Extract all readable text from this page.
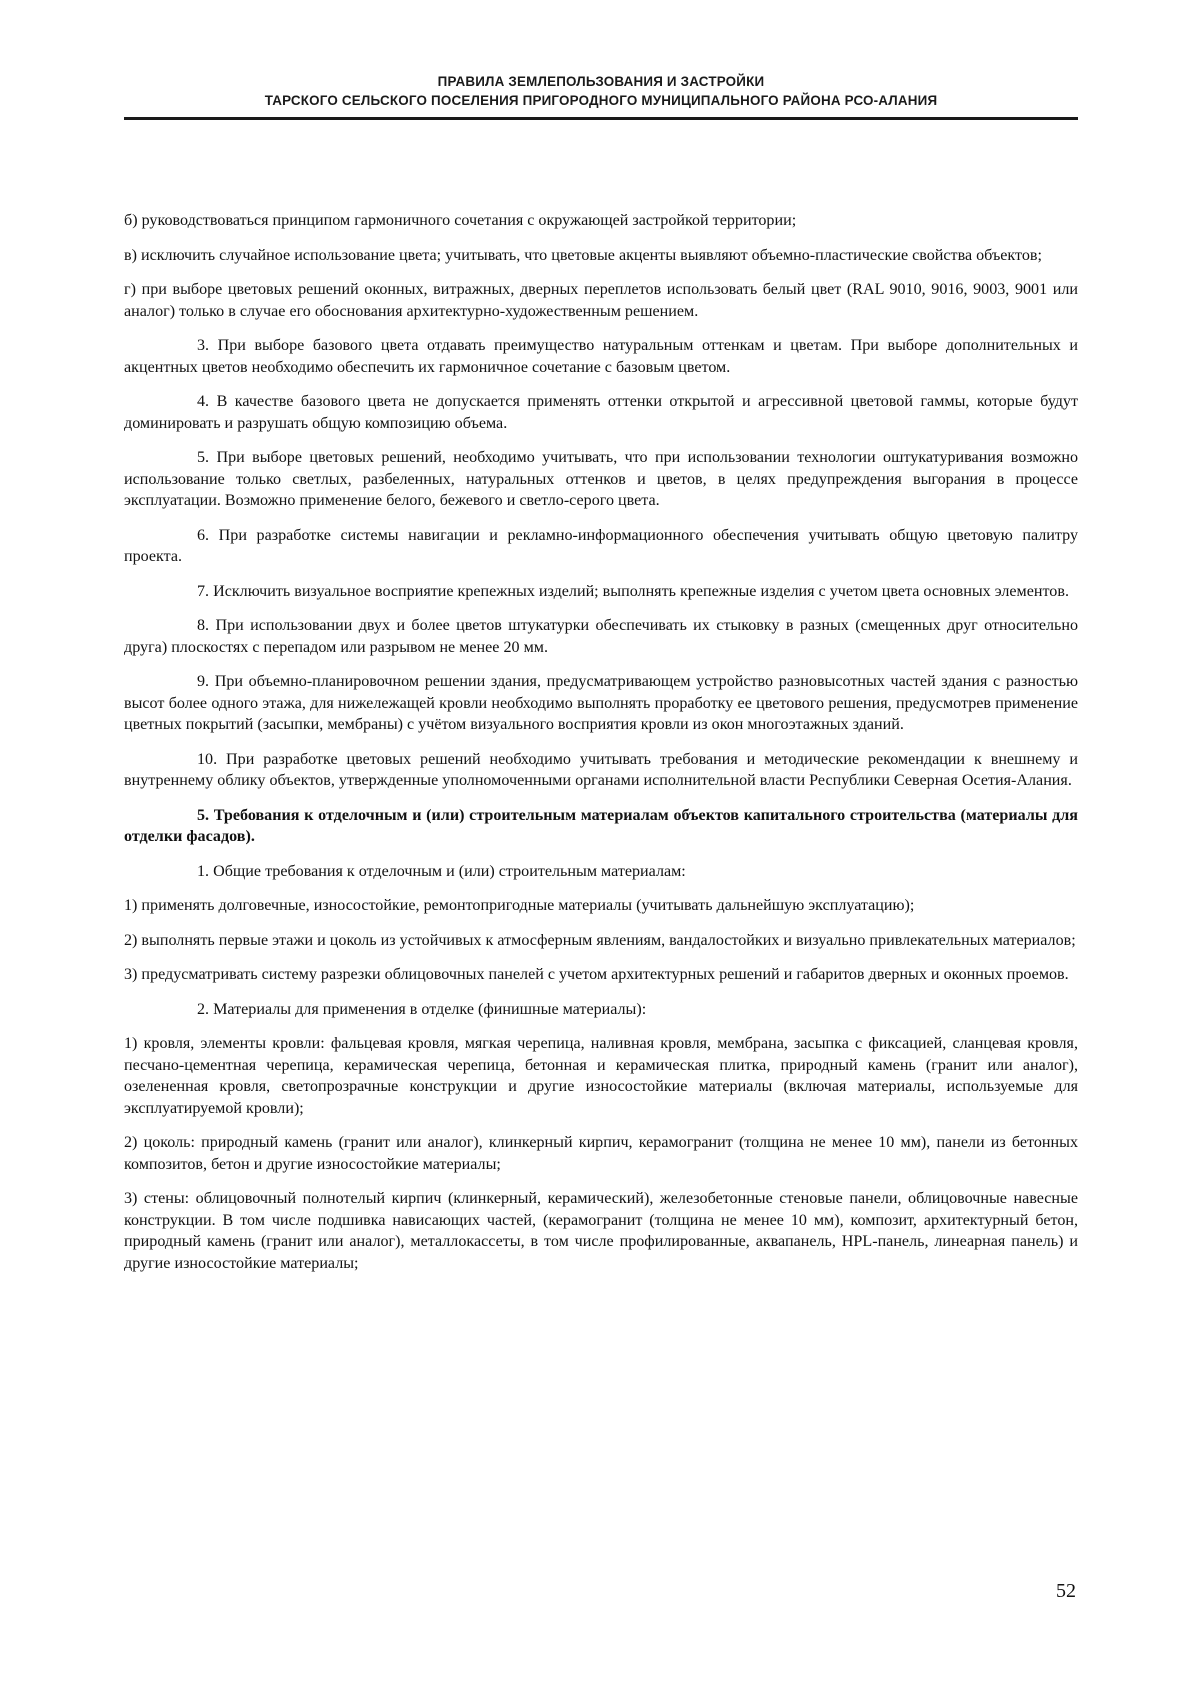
ПРАВИЛА ЗЕМЛЕПОЛЬЗОВАНИЯ И ЗАСТРОЙКИ
ТАРСКОГО СЕЛЬСКОГО ПОСЕЛЕНИЯ ПРИГОРОДНОГО МУНИЦИПАЛЬНОГО РАЙОНА РСО-АЛАНИЯ

б) руководствоваться принципом гармоничного сочетания с окружающей застройкой территории;

в) исключить случайное использование цвета; учитывать, что цветовые акценты выявляют объемно-пластические свойства объектов;

г) при выборе цветовых решений оконных, витражных, дверных переплетов использовать белый цвет (RAL 9010, 9016, 9003, 9001 или аналог) только в случае его обоснования архитектурно-художественным решением.

3. При выборе базового цвета отдавать преимущество натуральным оттенкам и цветам. При выборе дополнительных и акцентных цветов необходимо обеспечить их гармоничное сочетание с базовым цветом.

4. В качестве базового цвета не допускается применять оттенки открытой и агрессивной цветовой гаммы, которые будут доминировать и разрушать общую композицию объема.

5. При выборе цветовых решений, необходимо учитывать, что при использовании технологии оштукатуривания возможно использование только светлых, разбеленных, натуральных оттенков и цветов, в целях предупреждения выгорания в процессе эксплуатации. Возможно применение белого, бежевого и светло-серого цвета.

6. При разработке системы навигации и рекламно-информационного обеспечения учитывать общую цветовую палитру проекта.

7. Исключить визуальное восприятие крепежных изделий; выполнять крепежные изделия с учетом цвета основных элементов.

8. При использовании двух и более цветов штукатурки обеспечивать их стыковку в разных (смещенных друг относительно друга) плоскостях с перепадом или разрывом не менее 20 мм.

9. При объемно-планировочном решении здания, предусматривающем устройство разновысотных частей здания с разностью высот более одного этажа, для нижележащей кровли необходимо выполнять проработку ее цветового решения, предусмотрев применение цветных покрытий (засыпки, мембраны) с учётом визуального восприятия кровли из окон многоэтажных зданий.

10. При разработке цветовых решений необходимо учитывать требования и методические рекомендации к внешнему и внутреннему облику объектов, утвержденные уполномоченными органами исполнительной власти Республики Северная Осетия-Алания.

5. Требования к отделочным и (или) строительным материалам объектов капитального строительства (материалы для отделки фасадов).

1. Общие требования к отделочным и (или) строительным материалам:

1) применять долговечные, износостойкие, ремонтопригодные материалы (учитывать дальнейшую эксплуатацию);

2) выполнять первые этажи и цоколь из устойчивых к атмосферным явлениям, вандалостойких и визуально привлекательных материалов;

3) предусматривать систему разрезки облицовочных панелей с учетом архитектурных решений и габаритов дверных и оконных проемов.

2. Материалы для применения в отделке (финишные материалы):

1) кровля, элементы кровли: фальцевая кровля, мягкая черепица, наливная кровля, мембрана, засыпка с фиксацией, сланцевая кровля, песчано-цементная черепица, керамическая черепица, бетонная и керамическая плитка, природный камень (гранит или аналог), озелененная кровля, светопрозрачные конструкции и другие износостойкие материалы (включая материалы, используемые для эксплуатируемой кровли);

2) цоколь: природный камень (гранит или аналог), клинкерный кирпич, керамогранит (толщина не менее 10 мм), панели из бетонных композитов, бетон и другие износостойкие материалы;

3) стены: облицовочный полнотелый кирпич (клинкерный, керамический), железобетонные стеновые панели, облицовочные навесные конструкции. В том числе подшивка нависающих частей, (керамогранит (толщина не менее 10 мм), композит, архитектурный бетон, природный камень (гранит или аналог), металлокассеты, в том числе профилированные, аквапанель, HPL-панель, линеарная панель) и другие износостойкие материалы;

52
